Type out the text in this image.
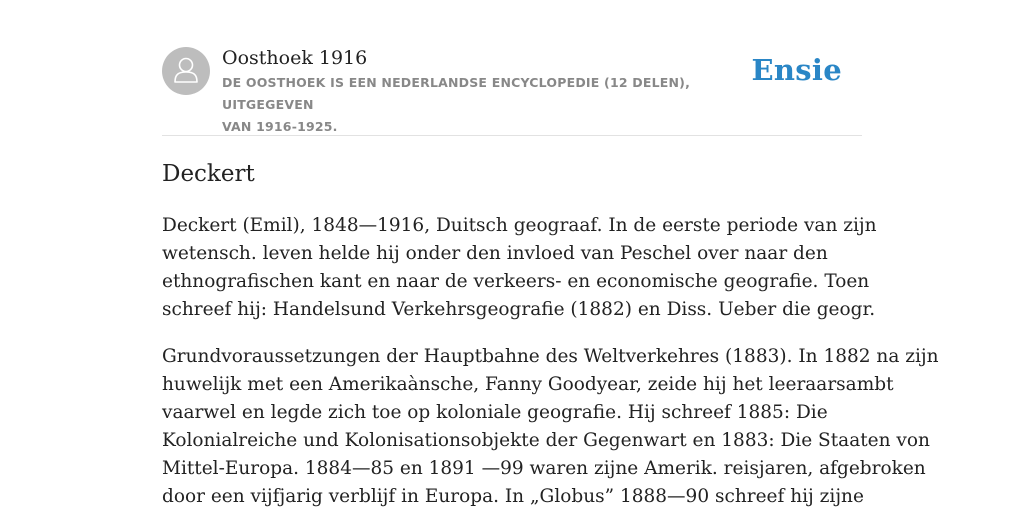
Oosthoek 1916
DE OOSTHOEK IS EEN NEDERLANDSE ENCYCLOPEDIE (12 DELEN), UITGEGEVEN
VAN 1916-1925.
Ensie
Deckert

Deckert (Emil), 1848—1916, Duitsch geograaf. In de eerste periode van zijn
wetensch. leven helde hij onder den invloed van Peschel over naar den
ethnografischen kant en naar de verkeers- en economische geografie. Toen
schreef hij: Handelsund Verkehrsgeografie (1882) en Diss. Ueber die geogr.

Grundvoraussetzungen der Hauptbahne des Weltverkehres (1883). In 1882 na zijn
huwelijk met een Amerikaànsche, Fanny Goodyear, zeide hij het leeraarsambt
vaarwel en legde zich toe op koloniale geografie. Hij schreef 1885: Die
Kolonialreiche und Kolonisationsobjekte der Gegenwart en 1883: Die Staaten von
Mittel-Europa. 1884—85 en 1891 —99 waren zijne Amerik. reisjaren, afgebroken
door een vijfjarig verblijf in Europa. In „Globus” 1888—90 schreef hij zijne
